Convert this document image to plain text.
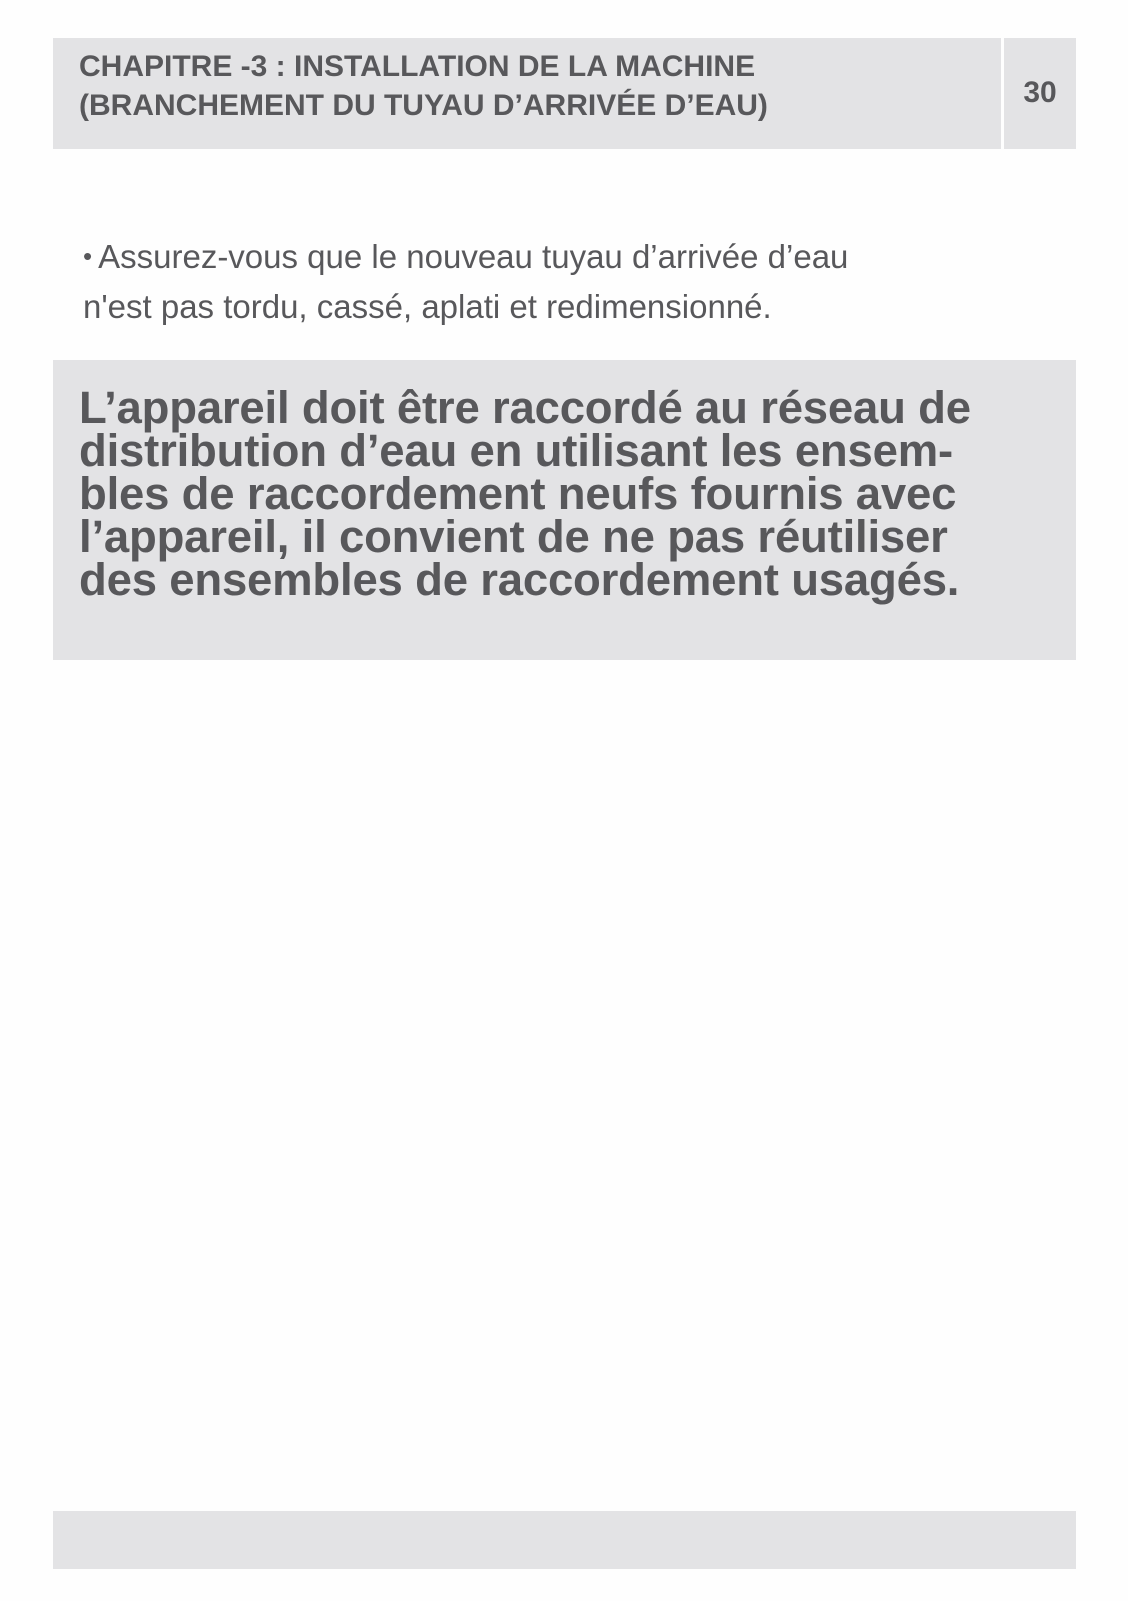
CHAPITRE -3 : INSTALLATION DE LA MACHINE
(BRANCHEMENT DU TUYAU D’ARRIVÉE D’EAU)	30
• Assurez-vous que le nouveau tuyau d’arrivée d’eau
n'est pas tordu, cassé, aplati et redimensionné.
L’appareil doit être raccordé au réseau de
distribution d’eau en utilisant les ensem-
bles de raccordement neufs fournis avec
l’appareil, il convient de ne pas réutiliser
des ensembles de raccordement usagés.
